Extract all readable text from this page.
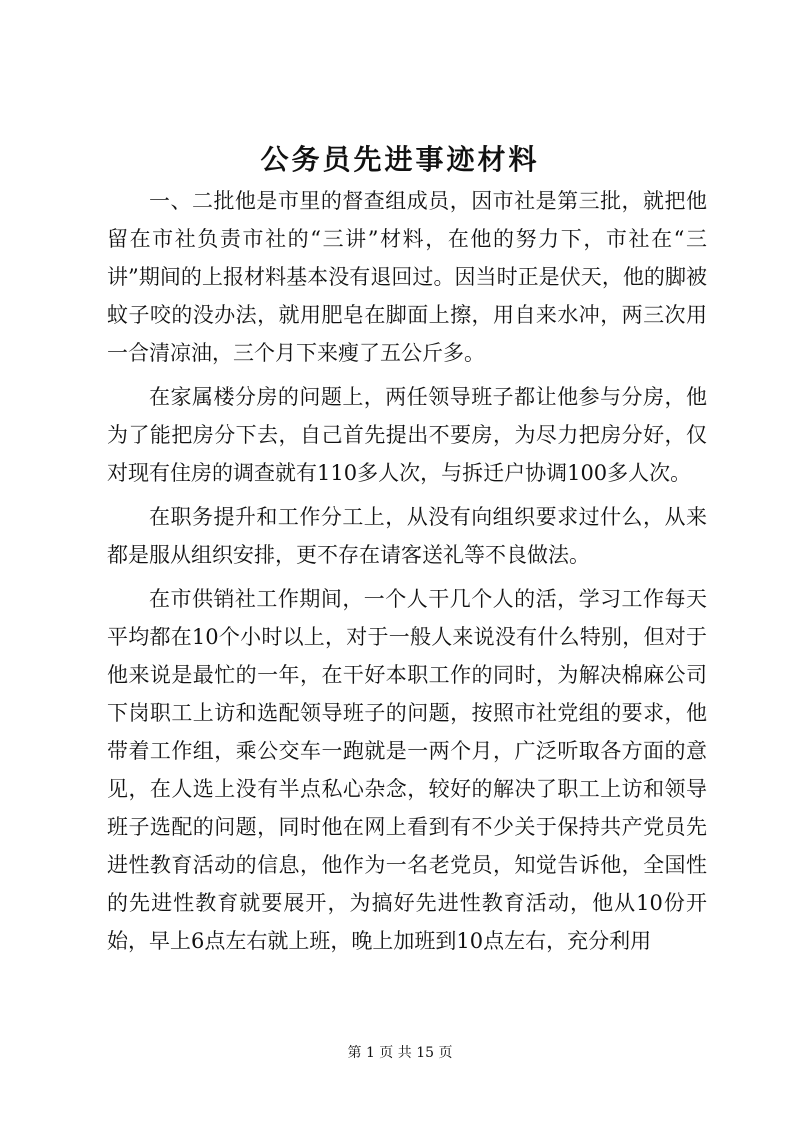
公务员先进事迹材料

一、二批他是市里的督查组成员，因市社是第三批，就把他留在市社负责市社的“三讲”材料，在他的努力下，市社在“三讲”期间的上报材料基本没有退回过。因当时正是伏天，他的脚被蚊子咬的没办法，就用肥皂在脚面上擦，用自来水冲，两三次用一合清凉油，三个月下来瘦了五公斤多。

在家属楼分房的问题上，两任领导班子都让他参与分房，他为了能把房分下去，自己首先提出不要房，为尽力把房分好，仅对现有住房的调查就有110多人次，与拆迁户协调100多人次。

在职务提升和工作分工上，从没有向组织要求过什么，从来都是服从组织安排，更不存在请客送礼等不良做法。

在市供销社工作期间，一个人干几个人的活，学习工作每天平均都在10个小时以上，对于一般人来说没有什么特别，但对于他来说是最忙的一年，在干好本职工作的同时，为解决棉麻公司下岗职工上访和选配领导班子的问题，按照市社党组的要求，他带着工作组，乘公交车一跑就是一两个月，广泛听取各方面的意见，在人选上没有半点私心杂念，较好的解决了职工上访和领导班子选配的问题，同时他在网上看到有不少关于保持共产党员先进性教育活动的信息，他作为一名老党员，知觉告诉他，全国性的先进性教育就要展开，为搞好先进性教育活动，他从10份开始，早上6点左右就上班，晚上加班到10点左右，充分利用

第 1 页 共 15 页
